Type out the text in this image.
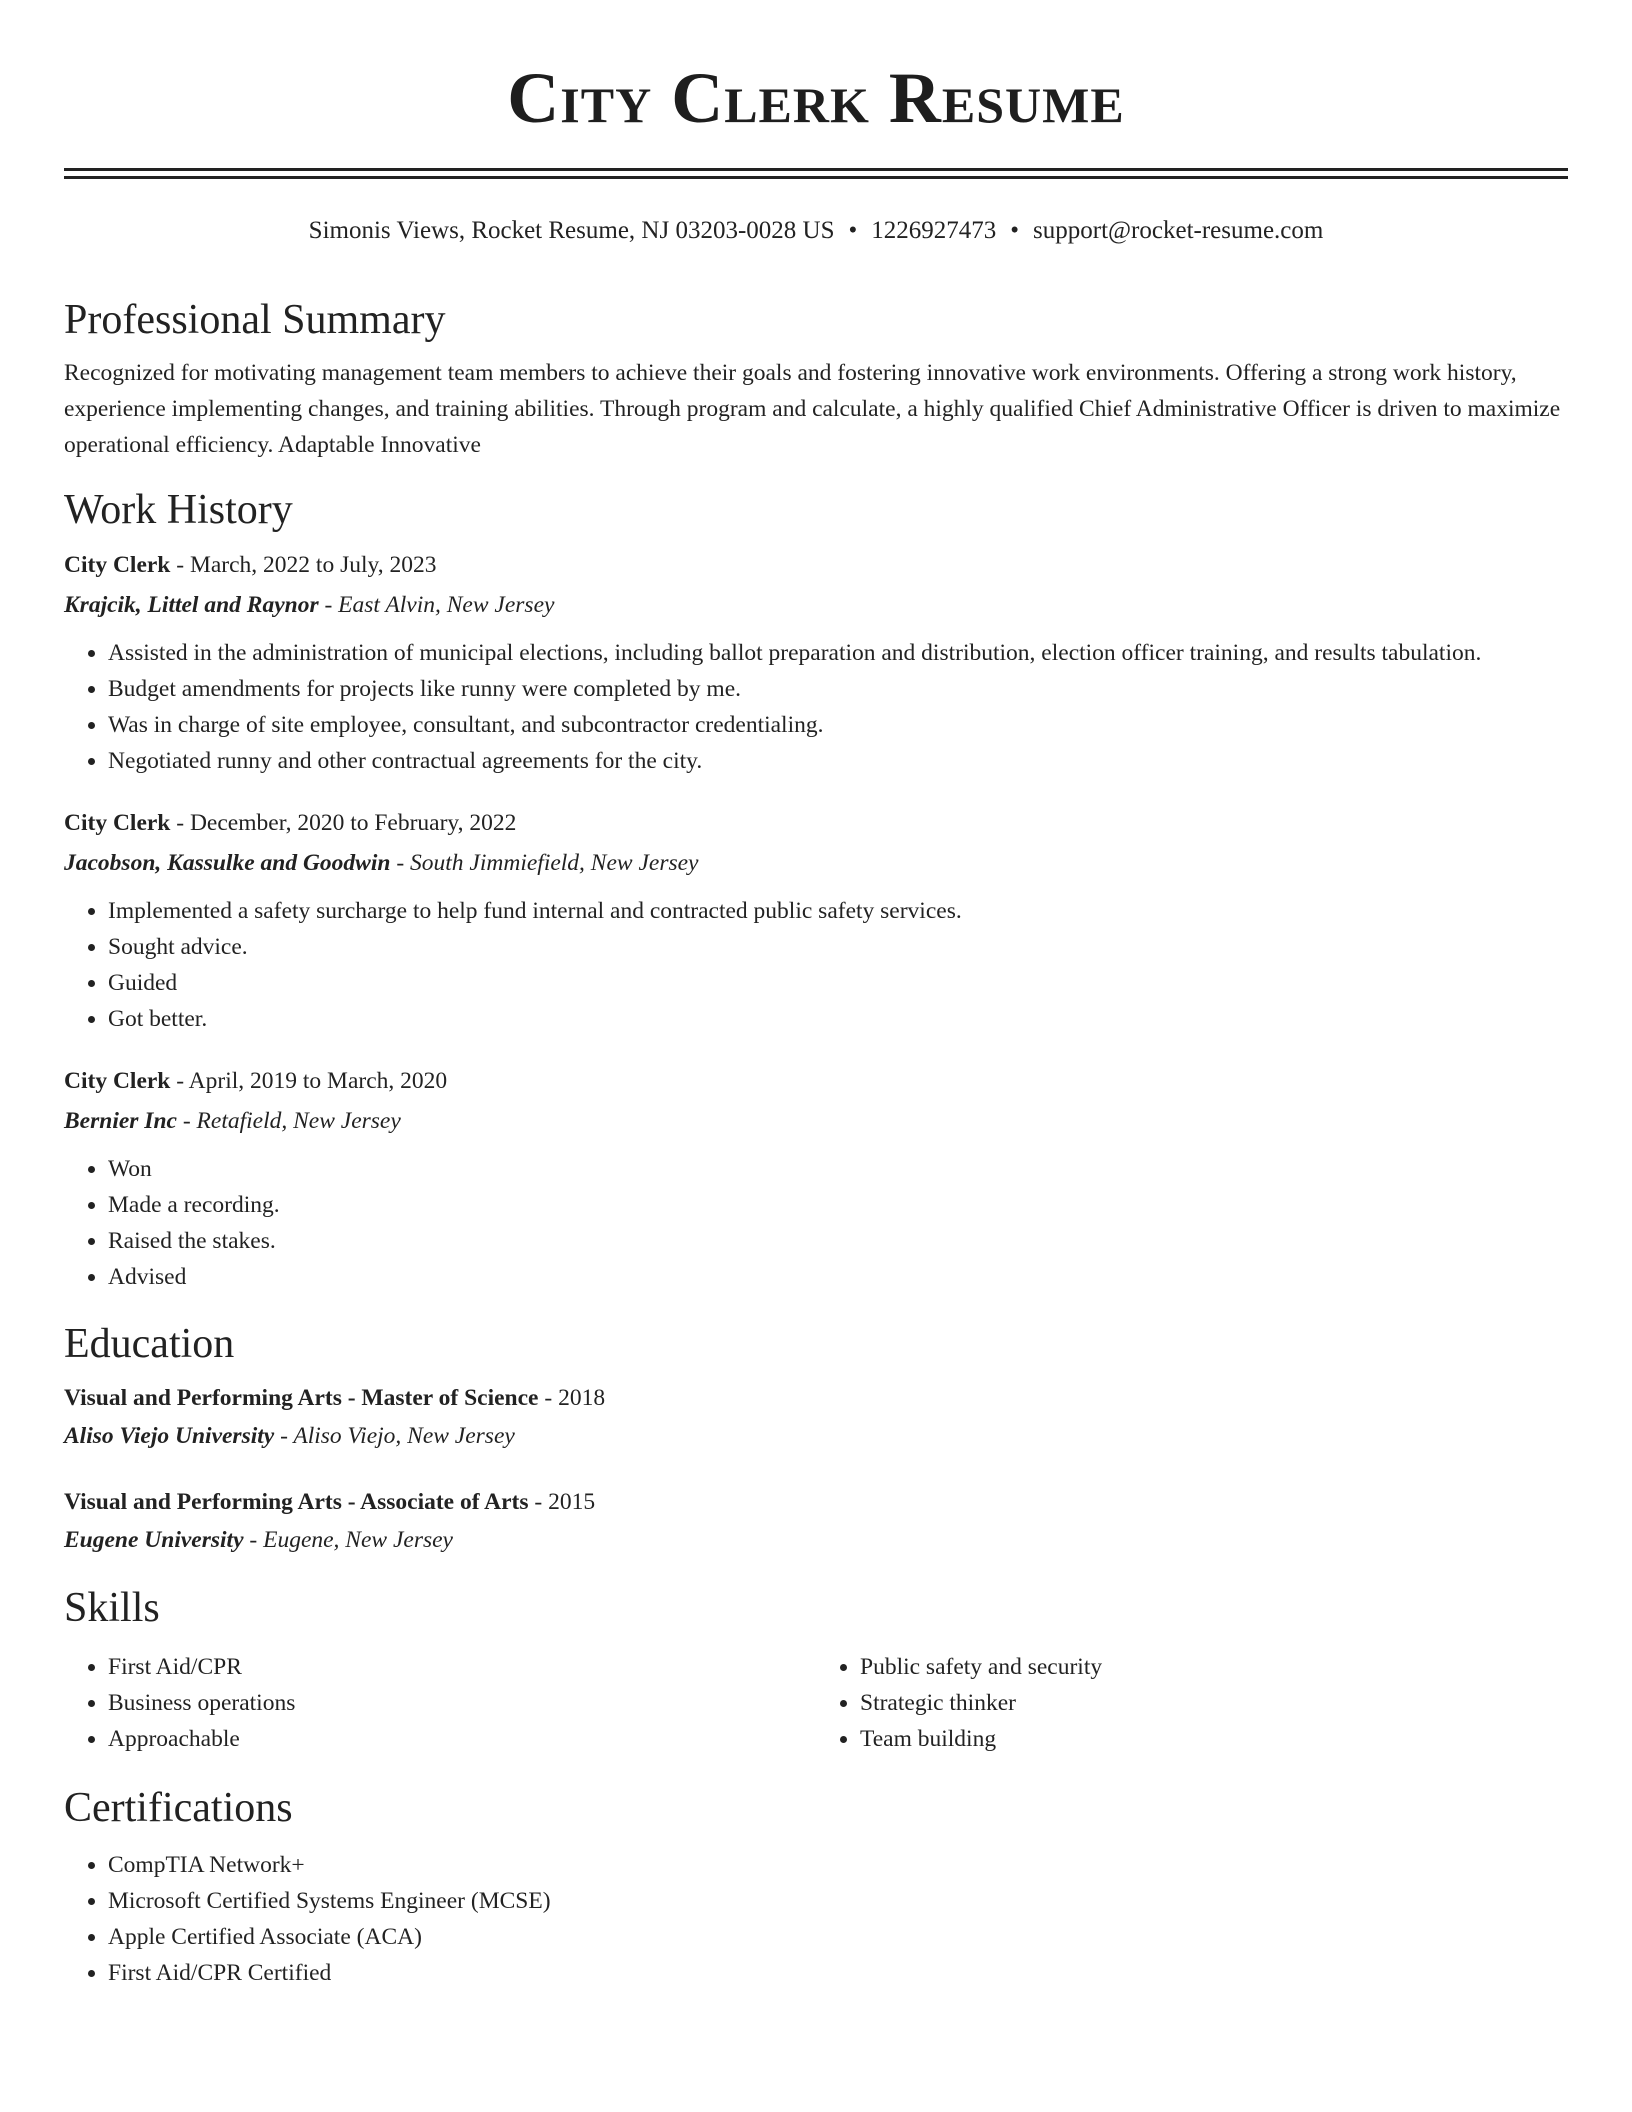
City Clerk Resume
Simonis Views, Rocket Resume, NJ 03203-0028 US • 1226927473 • support@rocket-resume.com
Professional Summary

Recognized for motivating management team members to achieve their goals and fostering innovative work environments. Offering a strong work history, experience implementing changes, and training abilities. Through program and calculate, a highly qualified Chief Administrative Officer is driven to maximize operational efficiency. Adaptable Innovative

Work History
City Clerk - March, 2022 to July, 2023
Krajcik, Littel and Raynor - East Alvin, New Jersey
• Assisted in the administration of municipal elections, including ballot preparation and distribution, election officer training, and results tabulation.
• Budget amendments for projects like runny were completed by me.
• Was in charge of site employee, consultant, and subcontractor credentialing.
• Negotiated runny and other contractual agreements for the city.
City Clerk - December, 2020 to February, 2022
Jacobson, Kassulke and Goodwin - South Jimmiefield, New Jersey
• Implemented a safety surcharge to help fund internal and contracted public safety services.
• Sought advice.
• Guided
• Got better.
City Clerk - April, 2019 to March, 2020
Bernier Inc - Retafield, New Jersey
• Won
• Made a recording.
• Raised the stakes.
• Advised
Education
Visual and Performing Arts - Master of Science - 2018
Aliso Viejo University - Aliso Viejo, New Jersey
Visual and Performing Arts - Associate of Arts - 2015
Eugene University - Eugene, New Jersey
Skills
• First Aid/CPR
• Business operations
• Approachable
• Public safety and security
• Strategic thinker
• Team building
Certifications
• CompTIA Network+
• Microsoft Certified Systems Engineer (MCSE)
• Apple Certified Associate (ACA)
• First Aid/CPR Certified
